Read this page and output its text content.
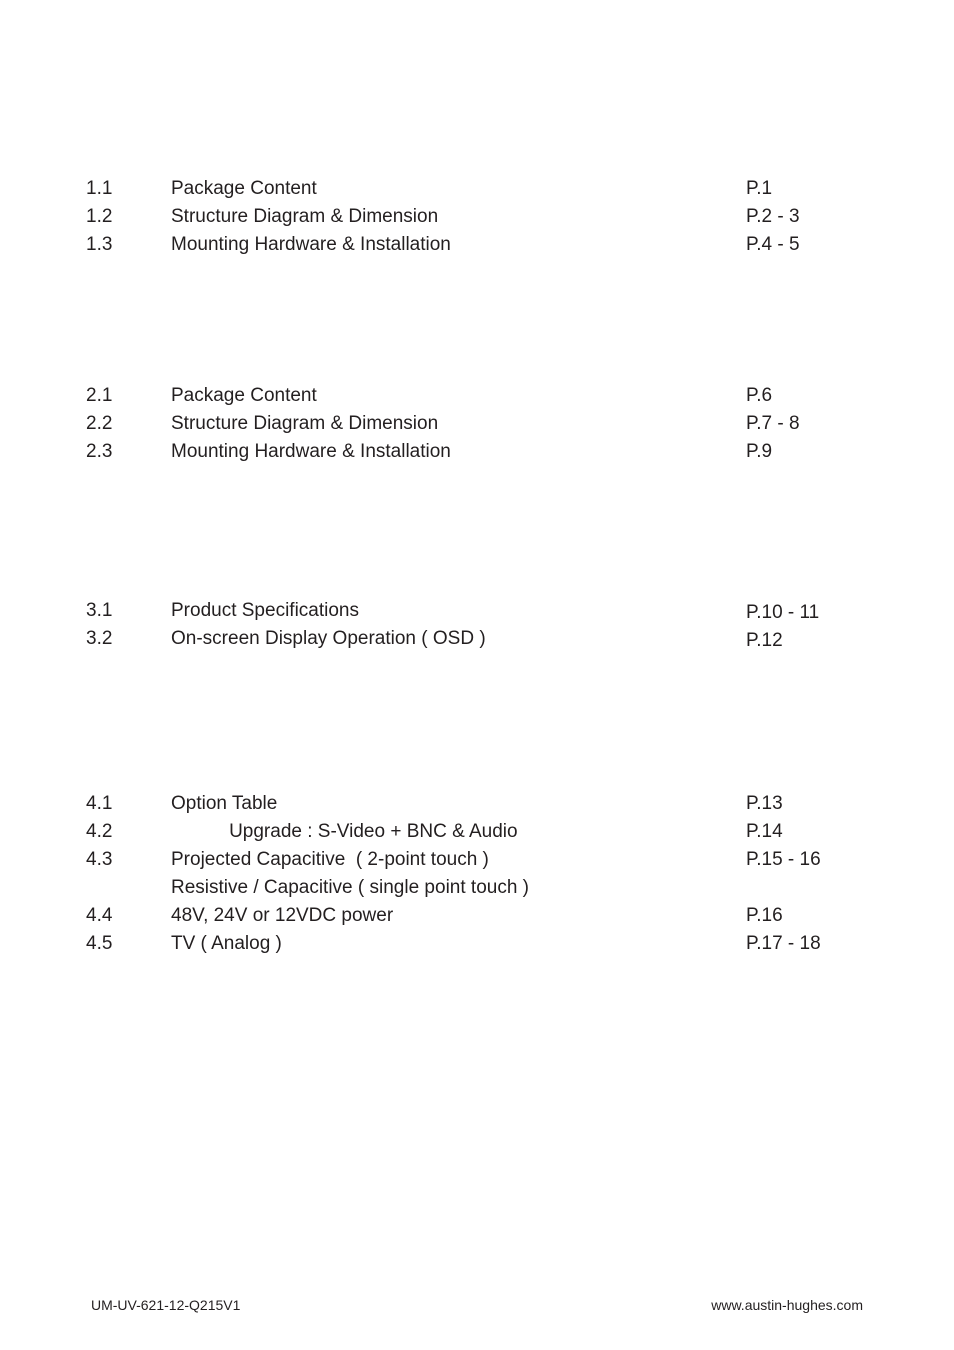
1.1	Package Content	P.1
1.2	Structure Diagram & Dimension	P.2 - 3
1.3	Mounting Hardware & Installation	P.4 - 5
2.1	Package Content	P.6
2.2	Structure Diagram & Dimension	P.7 - 8
2.3	Mounting Hardware & Installation	P.9
3.1	Product Specifications	P.10 - 11
3.2	On-screen Display Operation ( OSD )	P.12
4.1	Option Table	P.13
4.2	Upgrade : S-Video + BNC & Audio	P.14
4.3	Projected Capacitive  ( 2-point touch )	P.15 - 16
Resistive / Capacitive ( single point touch )
4.4	48V, 24V or 12VDC power	P.16
4.5	TV ( Analog )	P.17 - 18
UM-UV-621-12-Q215V1	www.austin-hughes.com
